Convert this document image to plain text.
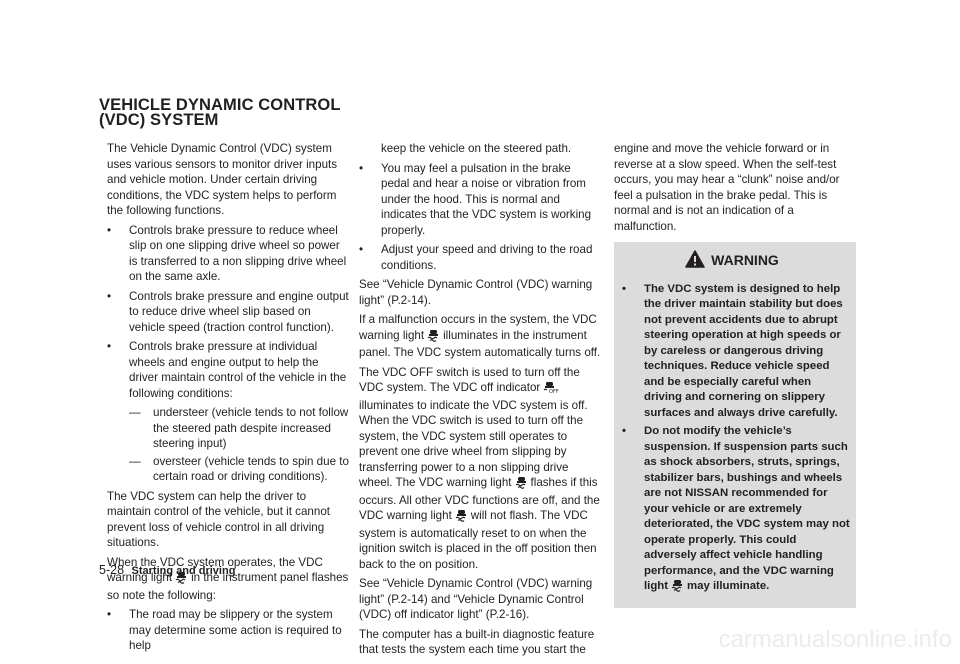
VEHICLE DYNAMIC CONTROL (VDC) SYSTEM

The Vehicle Dynamic Control (VDC) system uses various sensors to monitor driver inputs and vehicle motion. Under certain driving conditions, the VDC system helps to perform the following functions.

• Controls brake pressure to reduce wheel slip on one slipping drive wheel so power is transferred to a non slipping drive wheel on the same axle.
• Controls brake pressure and engine output to reduce drive wheel slip based on vehicle speed (traction control function).
• Controls brake pressure at individual wheels and engine output to help the driver maintain control of the vehicle in the following conditions:
— understeer (vehicle tends to not follow the steered path despite increased steering input)
— oversteer (vehicle tends to spin due to certain road or driving conditions).

The VDC system can help the driver to maintain control of the vehicle, but it cannot prevent loss of vehicle control in all driving situations.

When the VDC system operates, the VDC warning light in the instrument panel flashes so note the following:

• The road may be slippery or the system may determine some action is required to help

keep the vehicle on the steered path.

• You may feel a pulsation in the brake pedal and hear a noise or vibration from under the hood. This is normal and indicates that the VDC system is working properly.
• Adjust your speed and driving to the road conditions.

See “Vehicle Dynamic Control (VDC) warning light” (P.2-14).

If a malfunction occurs in the system, the VDC warning light illuminates in the instrument panel. The VDC system automatically turns off.

The VDC OFF switch is used to turn off the VDC system. The VDC off indicator OFF
illuminates to indicate the VDC system is off. When the VDC switch is used to turn off the system, the VDC system still operates to prevent one drive wheel from slipping by transferring power to a non slipping drive wheel. The VDC warning light flashes if this occurs. All other VDC functions are off, and the VDC warning light will not flash. The VDC system is automatically reset to on when the ignition switch is placed in the off position then back to the on position.

See “Vehicle Dynamic Control (VDC) warning light” (P.2-14) and “Vehicle Dynamic Control (VDC) off indicator light” (P.2-16).

The computer has a built-in diagnostic feature that tests the system each time you start the

engine and move the vehicle forward or in reverse at a slow speed. When the self-test occurs, you may hear a “clunk” noise and/or feel a pulsation in the brake pedal. This is normal and is not an indication of a malfunction.

WARNING
• The VDC system is designed to help the driver maintain stability but does not prevent accidents due to abrupt steering operation at high speeds or by careless or dangerous driving techniques. Reduce vehicle speed and be especially careful when driving and cornering on slippery surfaces and always drive carefully.
• Do not modify the vehicle’s suspension. If suspension parts such as shock absorbers, struts, springs, stabilizer bars, bushings and wheels are not NISSAN recommended for your vehicle or are extremely deteriorated, the VDC system may not operate properly. This could adversely affect vehicle handling performance, and the VDC warning light may illuminate.
5-28 Starting and driving
carmanualsonline.info
